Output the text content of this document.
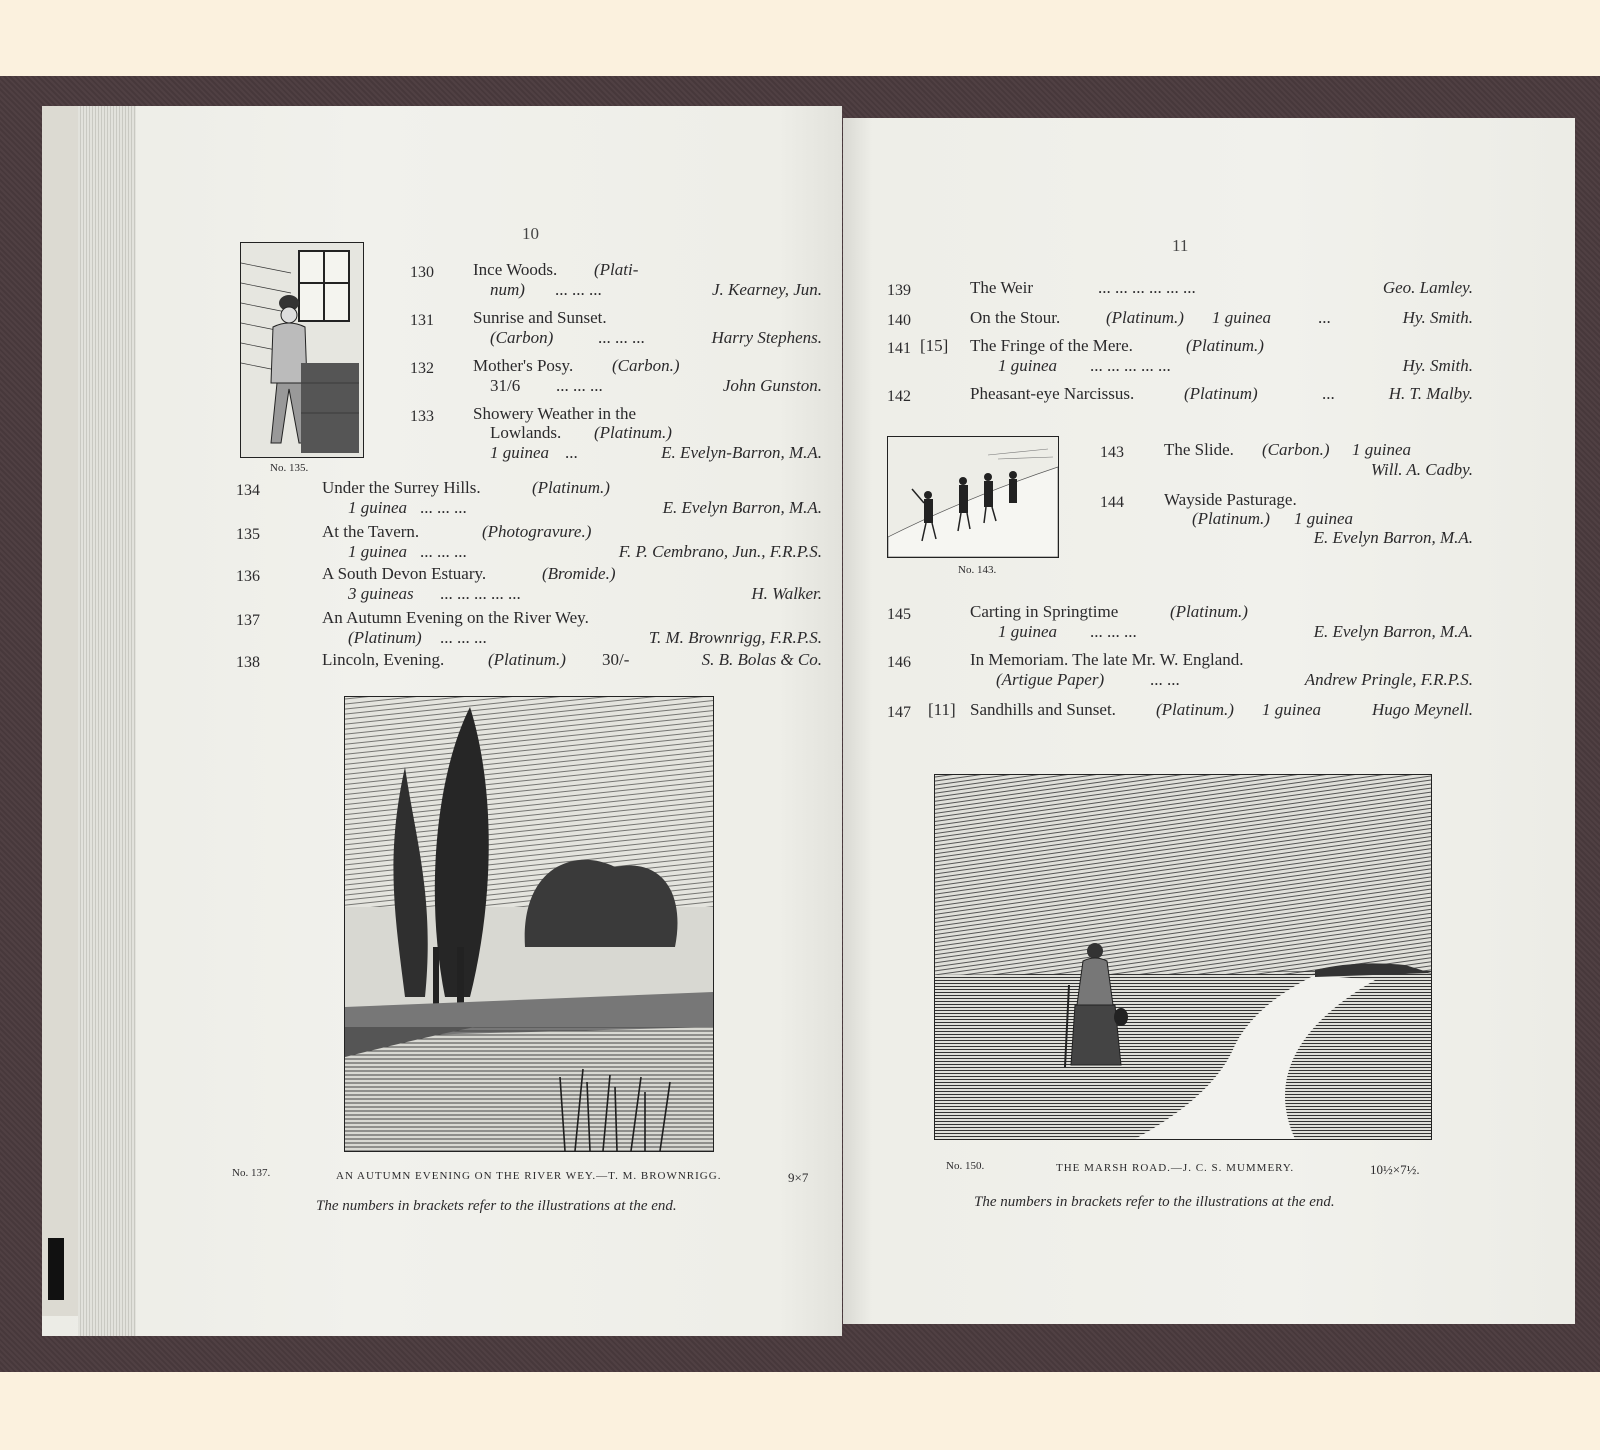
10
No. 135.
130 Ince Woods. (Plati-
num) ... ... ...	J. Kearney, Jun.
131 Sunrise and Sunset.
(Carbon)	... ... ...	Harry Stephens.
132 Mother's Posy. (Carbon.)
31/6 ... ... ...	John Gunston.
133 Showery Weather in the
Lowlands. (Platinum.)
1 guinea ...	E. Evelyn-Barron, M.A.
134	Under the Surrey Hills.	(Platinum.)
1 guinea ... ... ...	E. Evelyn Barron, M.A.
135	At the Tavern.	(Photogravure.)
1 guinea ... ... ...	F. P. Cembrano, Jun., F.R.P.S.
136	A South Devon Estuary.	(Bromide.)
3 guineas ... ... ... ... ...	H. Walker.
137	An Autumn Evening on the River Wey.
(Platinum) ... ... ...	T. M. Brownrigg, F.R.P.S.
138	Lincoln, Evening.	(Platinum.) 30/-	S. B. Bolas & Co.
No. 137.	AN AUTUMN EVENING ON THE RIVER WEY.—T. M. BROWNRIGG.	9×7
The numbers in brackets refer to the illustrations at the end.
11
139	The Weir	... ... ... ... ... ...	Geo. Lamley.
140	On the Stour.	(Platinum.) 1 guinea	...	Hy. Smith.
141 [15] The Fringe of the Mere.	(Platinum.)
1 guinea ... ... ... ... ...	Hy. Smith.
142	Pheasant-eye Narcissus.	(Platinum)	...	H. T. Malby.
No. 143.
143 The Slide. (Carbon.) 1 guinea
Will. A. Cadby.
144 Wayside Pasturage.
(Platinum.) 1 guinea
E. Evelyn Barron, M.A.
145	Carting in Springtime	(Platinum.)
1 guinea ... ... ...	E. Evelyn Barron, M.A.
146	In Memoriam. The late Mr. W. England.
(Artigue Paper)	... ...	Andrew Pringle, F.R.P.S.
147 [11] Sandhills and Sunset. (Platinum.) 1 guinea	Hugo Meynell.
No. 150.	THE MARSH ROAD.—J. C. S. MUMMERY.	10½×7½.
The numbers in brackets refer to the illustrations at the end.
